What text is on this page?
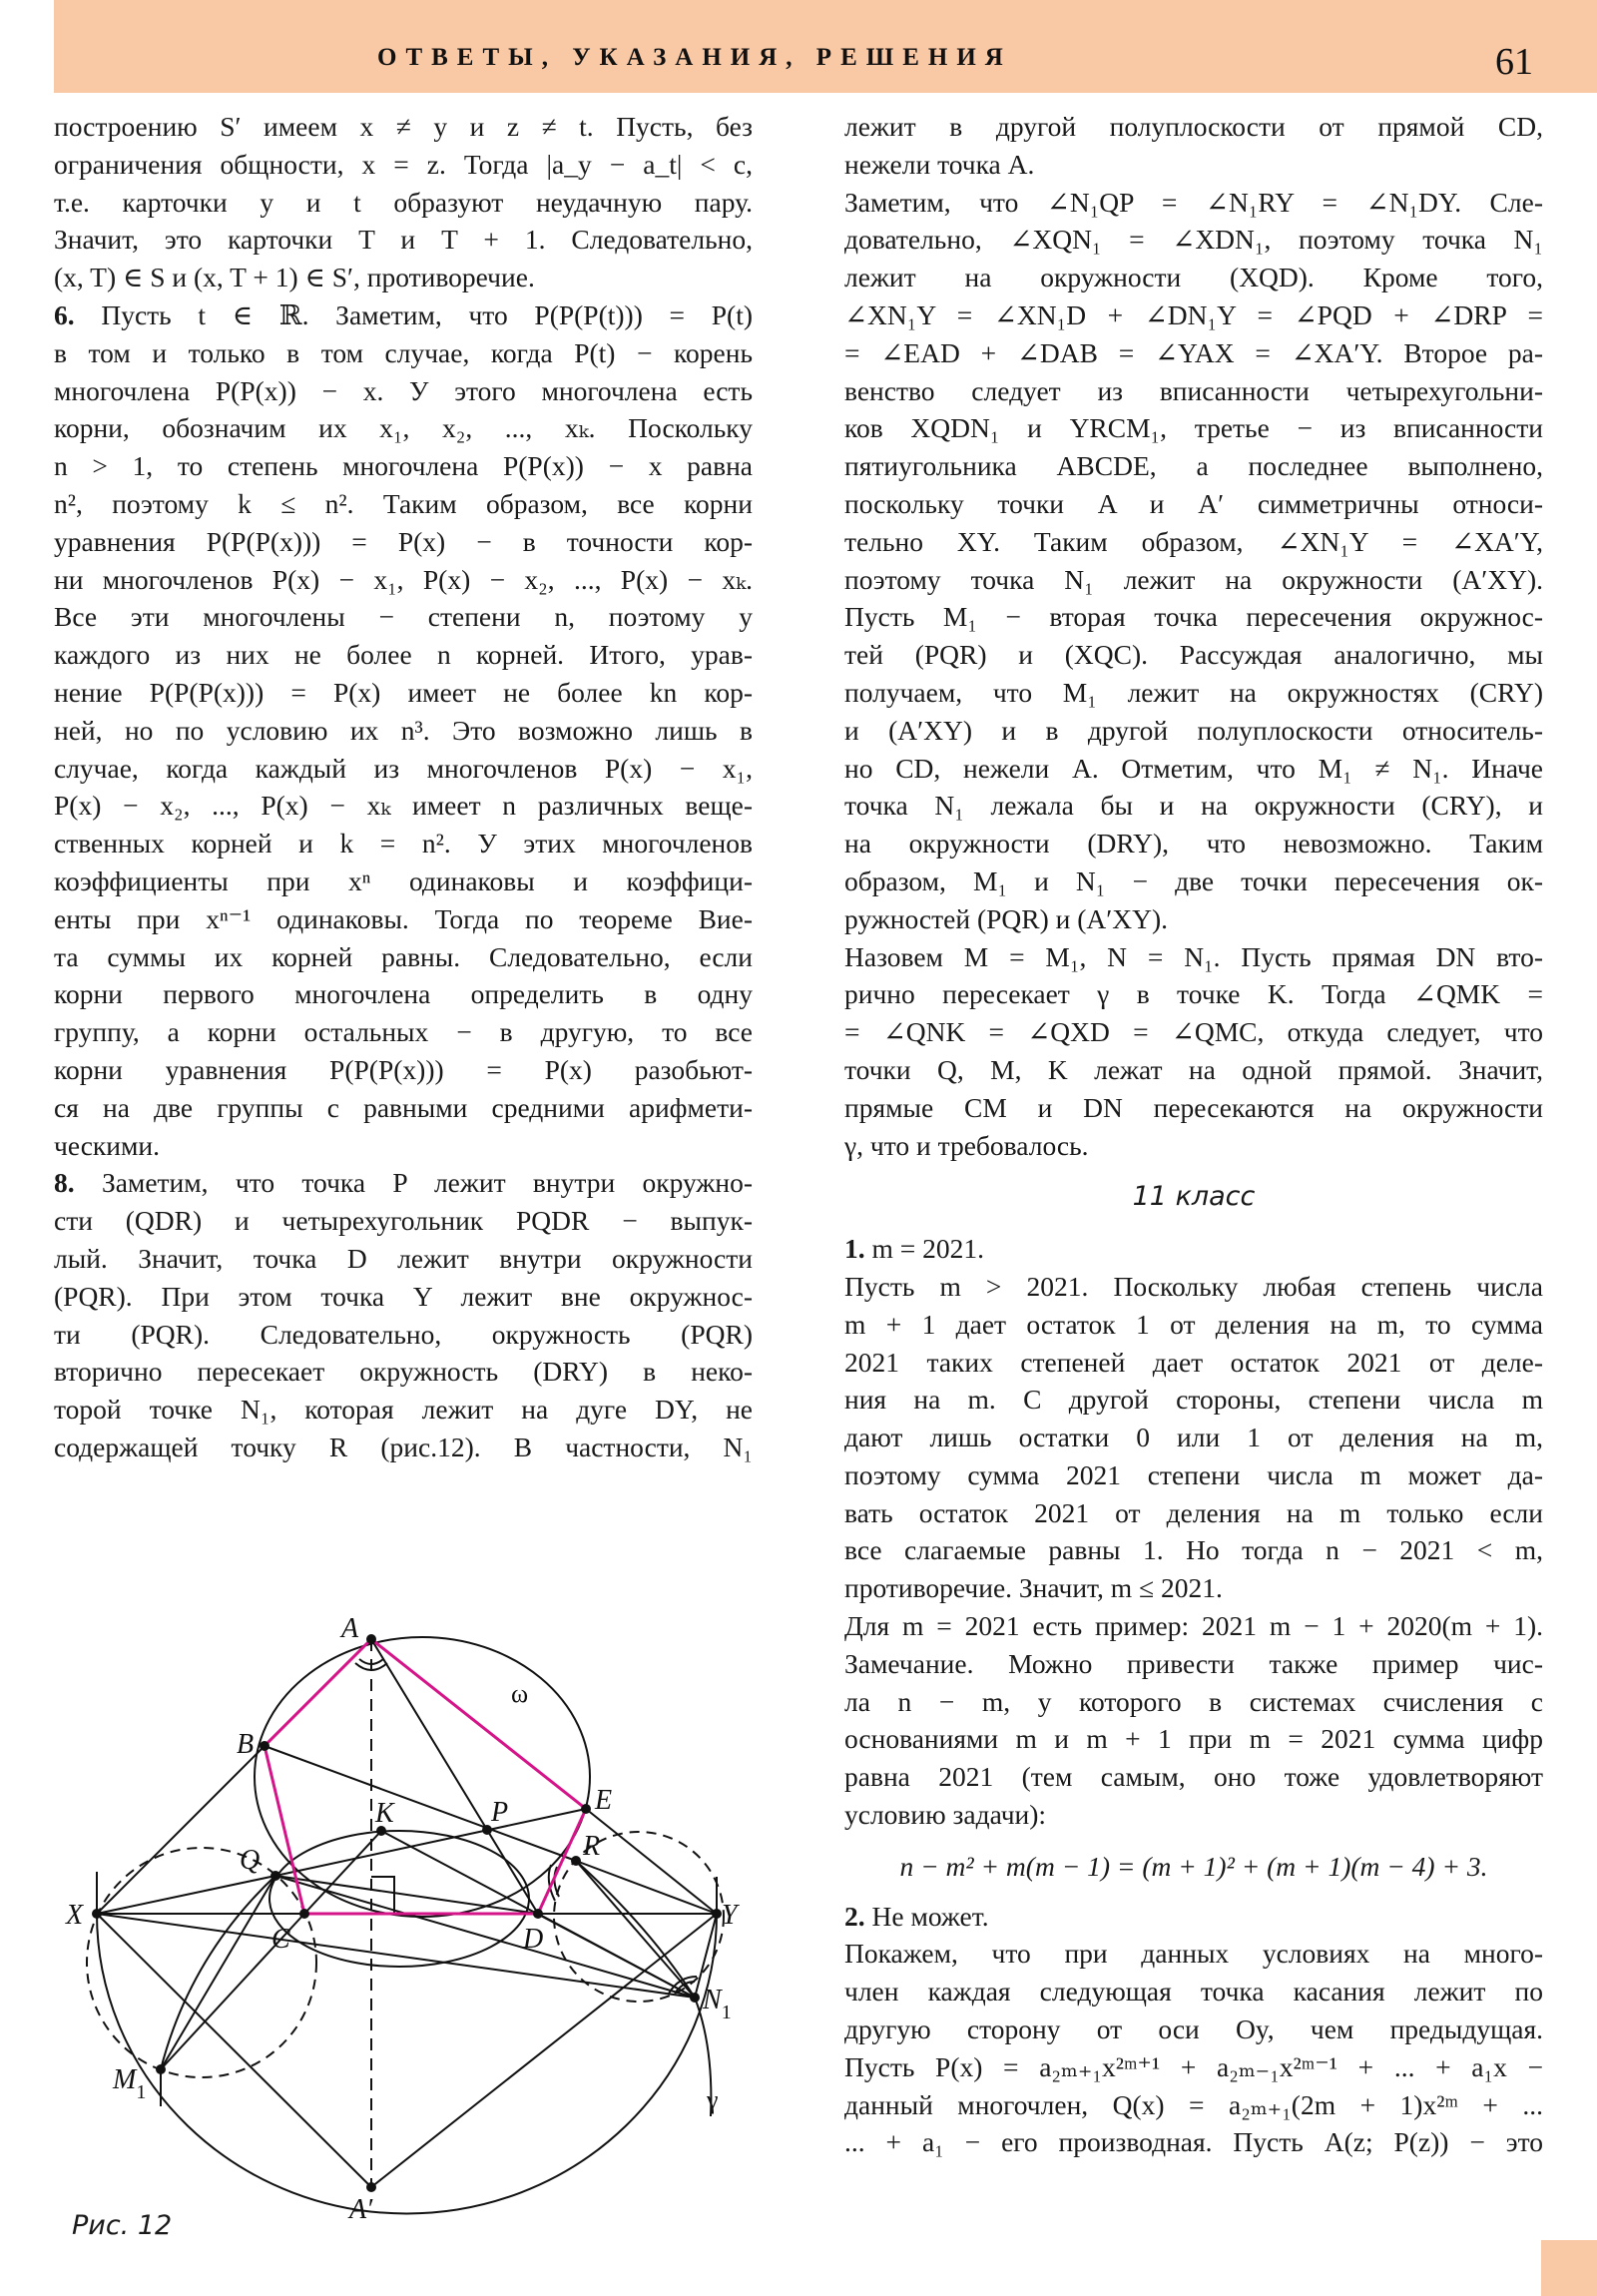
ОТВЕТЫ, УКАЗАНИЯ, РЕШЕНИЯ	61

построению S′ имеем x ≠ y и z ≠ t. Пусть, без
ограничения общности, x = z. Тогда |a_y − a_t| < c,
т.е. карточки y и t образуют неудачную пару.
Значит, это карточки T и T + 1. Следовательно,
(x, T) ∈ S и (x, T + 1) ∈ S′, противоречие.

6. Пусть t ∈ ℝ. Заметим, что P(P(P(t))) = P(t)
в том и только в том случае, когда P(t) − корень
многочлена P(P(x)) − x. У этого многочлена есть
корни, обозначим их x₁, x₂, ..., xₖ. Поскольку
n > 1, то степень многочлена P(P(x)) − x равна
n², поэтому k ≤ n². Таким образом, все корни
уравнения P(P(P(x))) = P(x) − в точности кор-
ни многочленов P(x) − x₁, P(x) − x₂, ..., P(x) − xₖ.
Все эти многочлены − степени n, поэтому у
каждого из них не более n корней. Итого, урав-
нение P(P(P(x))) = P(x) имеет не более kn кор-
ней, но по условию их n³. Это возможно лишь в
случае, когда каждый из многочленов P(x) − x₁,
P(x) − x₂, ..., P(x) − xₖ имеет n различных веще-
ственных корней и k = n². У этих многочленов
коэффициенты при xⁿ одинаковы и коэффици-
енты при xⁿ⁻¹ одинаковы. Тогда по теореме Вие-
та суммы их корней равны. Следовательно, если
корни первого многочлена определить в одну
группу, а корни остальных − в другую, то все
корни уравнения P(P(P(x))) = P(x) разобьют-
ся на две группы с равными средними арифмети-
ческими.

8. Заметим, что точка P лежит внутри окружно-
сти (QDR) и четырехугольник PQDR − выпук-
лый. Значит, точка D лежит внутри окружности
(PQR). При этом точка Y лежит вне окружнос-
ти (PQR). Следовательно, окружность (PQR)
вторично пересекает окружность (DRY) в неко-
торой точке N₁, которая лежит на дуге DY, не
содержащей точку R (рис.12). В частности, N₁

A
B
C	D
E
P
K
Q	R
X	Y
$N_1$
$M_1$
A′
ω
γ
Рис. 12

лежит в другой полуплоскости от прямой CD,
нежели точка A.
Заметим, что ∠N₁QP = ∠N₁RY = ∠N₁DY. Сле-
довательно, ∠XQN₁ = ∠XDN₁, поэтому точка N₁
лежит на окружности (XQD). Кроме того,
∠XN₁Y = ∠XN₁D + ∠DN₁Y = ∠PQD + ∠DRP =
= ∠EAD + ∠DAB = ∠YAX = ∠XA′Y. Второе ра-
венство следует из вписанности четырехугольни-
ков XQDN₁ и YRCM₁, третье − из вписанности
пятиугольника ABCDE, а последнее выполнено,
поскольку точки A и A′ симметричны относи-
тельно XY. Таким образом, ∠XN₁Y = ∠XA′Y,
поэтому точка N₁ лежит на окружности (A′XY).
Пусть M₁ − вторая точка пересечения окружнос-
тей (PQR) и (XQC). Рассуждая аналогично, мы
получаем, что M₁ лежит на окружностях (CRY)
и (A′XY) и в другой полуплоскости относитель-
но CD, нежели A. Отметим, что M₁ ≠ N₁. Иначе
точка N₁ лежала бы и на окружности (CRY), и
на окружности (DRY), что невозможно. Таким
образом, M₁ и N₁ − две точки пересечения ок-
ружностей (PQR) и (A′XY).
Назовем M = M₁, N = N₁. Пусть прямая DN вто-
рично пересекает γ в точке K. Тогда ∠QMK =
= ∠QNK = ∠QXD = ∠QMC, откуда следует, что
точки Q, M, K лежат на одной прямой. Значит,
прямые CM и DN пересекаются на окружности
γ, что и требовалось.

11 класс

1. m = 2021.
Пусть m > 2021. Поскольку любая степень числа
m + 1 дает остаток 1 от деления на m, то сумма
2021 таких степеней дает остаток 2021 от деле-
ния на m. С другой стороны, степени числа m
дают лишь остатки 0 или 1 от деления на m,
поэтому сумма 2021 степени числа m может да-
вать остаток 2021 от деления на m только если
все слагаемые равны 1. Но тогда n − 2021 < m,
противоречие. Значит, m ≤ 2021.
Для m = 2021 есть пример: 2021 m − 1 + 2020(m + 1).
Замечание. Можно привести также пример чис-
ла n − m, у которого в системах счисления с
основаниями m и m + 1 при m = 2021 сумма цифр
равна 2021 (тем самым, оно тоже удовлетворяют
условию задачи):
n − m² + m(m − 1) = (m + 1)² + (m + 1)(m − 4) + 3.

2. Не может.
Покажем, что при данных условиях на много-
член каждая следующая точка касания лежит по
другую сторону от оси Oy, чем предыдущая.
Пусть P(x) = a₂ₘ₊₁x²ᵐ⁺¹ + a₂ₘ₋₁x²ᵐ⁻¹ + ... + a₁x −
данный многочлен, Q(x) = a₂ₘ₊₁(2m + 1)x²ᵐ + ...
... + a₁ − его производная. Пусть A(z; P(z)) − это
